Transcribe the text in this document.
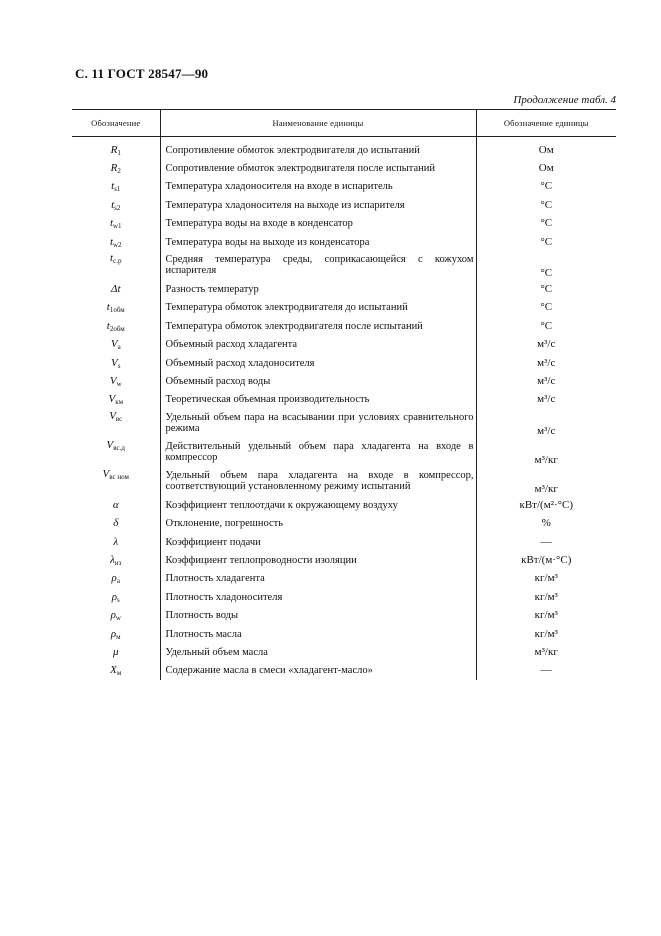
С. 11 ГОСТ 28547—90
Продолжение табл. 4
Обозначение	Наименование единицы	Обозначение единицы
$R_1$	Сопротивление обмоток электродвигателя до испытаний	Ом
$R_2$	Сопротивление обмоток электродвигателя после испытаний	Ом
$t_{s1}$	Температура хладоносителя на входе в испаритель	°С
$t_{s2}$	Температура хладоносителя на выходе из испарителя	°С
$t_{w1}$	Температура воды на входе в конденсатор	°С
$t_{w2}$	Температура воды на выходе из конденсатора	°С
$t_{c.p}$	Средняя температура среды, соприкасающейся с кожухом испарителя	°С
Δt	Разность температур	°С
$t_{1обм}$	Температура обмоток электродвигателя до испытаний	°С
$t_{2обм}$	Температура обмоток электродвигателя после испытаний	°С
$V_a$	Объемный расход хладагента	м³/с
$V_s$	Объемный расход хладоносителя	м³/с
$V_w$	Объемный расход воды	м³/с
$V_{км}$	Теоретическая объемная производительность	м³/с
$V_{вс}$	Удельный объем пара на всасывании при условиях сравнительного режима	м³/с
$V_{вс.д}$	Действительный удельный объем пара хладагента на входе в компрессор	м³/кг
$V_{вс ном}$	Удельный объем пара хладагента на входе в компрессор, соответствующий установленному режиму испытаний	м³/кг
α	Коэффициент теплоотдачи к окружающему воздуху	кВт/(м²·°С)
δ	Отклонение, погрешность	%
λ	Коэффициент подачи	—
$\lambda_{из}$	Коэффициент теплопроводности изоляции	кВт/(м·°С)
$\rho_a$	Плотность хладагента	кг/м³
$\rho_s$	Плотность хладоносителя	кг/м³
$\rho_w$	Плотность воды	кг/м³
$\rho_м$	Плотность масла	кг/м³
μ	Удельный объем масла	м³/кг
$X_м$	Содержание масла в смеси «хладагент-масло»	—
